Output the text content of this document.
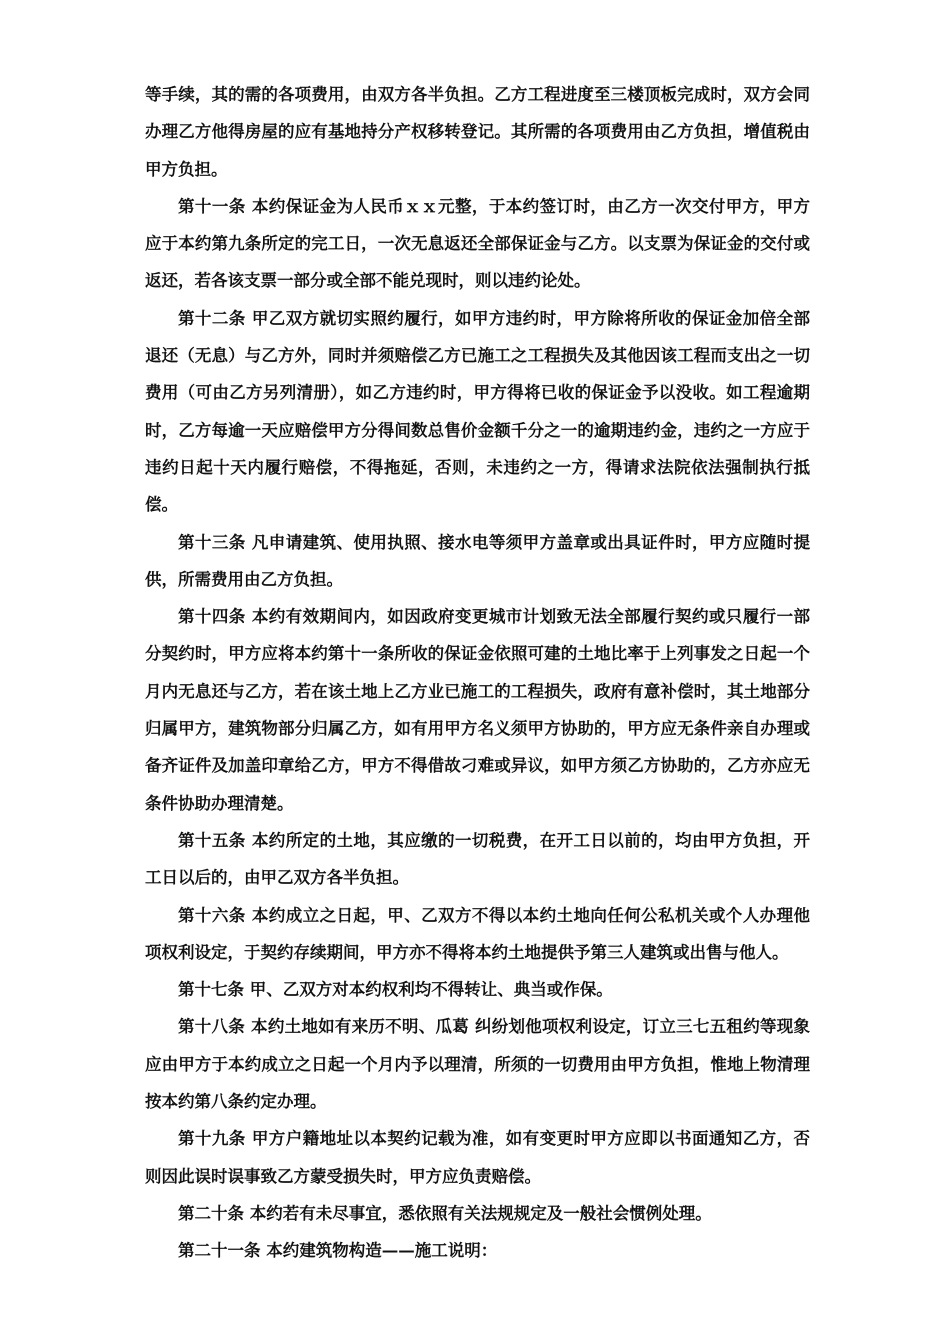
等手续，其的需的各项费用，由双方各半负担。乙方工程进度至三楼顶板完成时，双方会同办理乙方他得房屋的应有基地持分产权移转登记。其所需的各项费用由乙方负担，增值税由甲方负担。

第十一条 本约保证金为人民币ｘｘ元整，于本约签订时，由乙方一次交付甲方，甲方应于本约第九条所定的完工日，一次无息返还全部保证金与乙方。以支票为保证金的交付或返还，若各该支票一部分或全部不能兑现时，则以违约论处。

第十二条 甲乙双方就切实照约履行，如甲方违约时，甲方除将所收的保证金加倍全部退还（无息）与乙方外，同时并须赔偿乙方已施工之工程损失及其他因该工程而支出之一切费用（可由乙方另列清册），如乙方违约时，甲方得将已收的保证金予以没收。如工程逾期时，乙方每逾一天应赔偿甲方分得间数总售价金额千分之一的逾期违约金，违约之一方应于违约日起十天内履行赔偿，不得拖延，否则，未违约之一方，得请求法院依法强制执行抵偿。

第十三条 凡申请建筑、使用执照、接水电等须甲方盖章或出具证件时，甲方应随时提供，所需费用由乙方负担。

第十四条 本约有效期间内，如因政府变更城市计划致无法全部履行契约或只履行一部分契约时，甲方应将本约第十一条所收的保证金依照可建的土地比率于上列事发之日起一个月内无息还与乙方，若在该土地上乙方业已施工的工程损失，政府有意补偿时，其土地部分归属甲方，建筑物部分归属乙方，如有用甲方名义须甲方协助的，甲方应无条件亲自办理或备齐证件及加盖印章给乙方，甲方不得借故刁难或异议，如甲方须乙方协助的，乙方亦应无条件协助办理清楚。

第十五条 本约所定的土地，其应缴的一切税费，在开工日以前的，均由甲方负担，开工日以后的，由甲乙双方各半负担。

第十六条 本约成立之日起，甲、乙双方不得以本约土地向任何公私机关或个人办理他项权利设定，于契约存续期间，甲方亦不得将本约土地提供予第三人建筑或出售与他人。

第十七条 甲、乙双方对本约权利均不得转让、典当或作保。

第十八条 本约土地如有来历不明、瓜葛 纠纷划他项权利设定，订立三七五租约等现象应由甲方于本约成立之日起一个月内予以理清，所须的一切费用由甲方负担，惟地上物清理按本约第八条约定办理。

第十九条 甲方户籍地址以本契约记载为准，如有变更时甲方应即以书面通知乙方，否则因此误时误事致乙方蒙受损失时，甲方应负责赔偿。

第二十条 本约若有未尽事宜，悉依照有关法规规定及一般社会惯例处理。

第二十一条 本约建筑物构造——施工说明：
